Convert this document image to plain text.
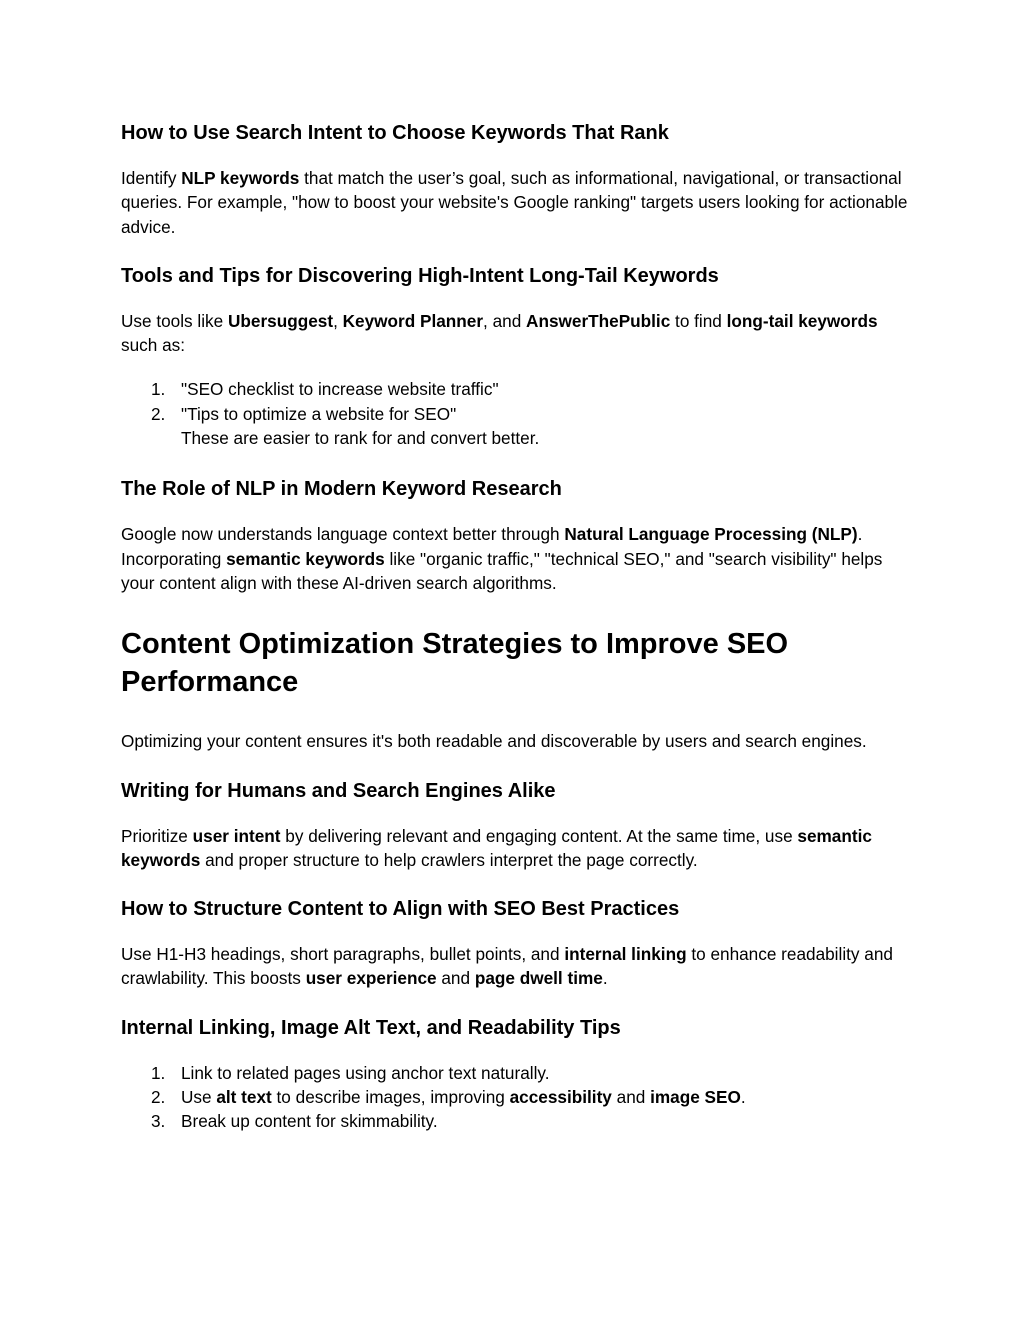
How to Use Search Intent to Choose Keywords That Rank

Identify NLP keywords that match the user’s goal, such as informational, navigational, or transactional queries. For example, "how to boost your website's Google ranking" targets users looking for actionable advice.

Tools and Tips for Discovering High-Intent Long-Tail Keywords

Use tools like Ubersuggest, Keyword Planner, and AnswerThePublic to find long-tail keywords such as:

1. "SEO checklist to increase website traffic"
2. "Tips to optimize a website for SEO"
These are easier to rank for and convert better.
The Role of NLP in Modern Keyword Research

Google now understands language context better through Natural Language Processing (NLP). Incorporating semantic keywords like "organic traffic," "technical SEO," and "search visibility" helps your content align with these AI-driven search algorithms.

Content Optimization Strategies to Improve SEO Performance

Optimizing your content ensures it's both readable and discoverable by users and search engines.

Writing for Humans and Search Engines Alike

Prioritize user intent by delivering relevant and engaging content. At the same time, use semantic keywords and proper structure to help crawlers interpret the page correctly.

How to Structure Content to Align with SEO Best Practices

Use H1-H3 headings, short paragraphs, bullet points, and internal linking to enhance readability and crawlability. This boosts user experience and page dwell time.

Internal Linking, Image Alt Text, and Readability Tips
1. Link to related pages using anchor text naturally.
2. Use alt text to describe images, improving accessibility and image SEO.
3. Break up content for skimmability.
